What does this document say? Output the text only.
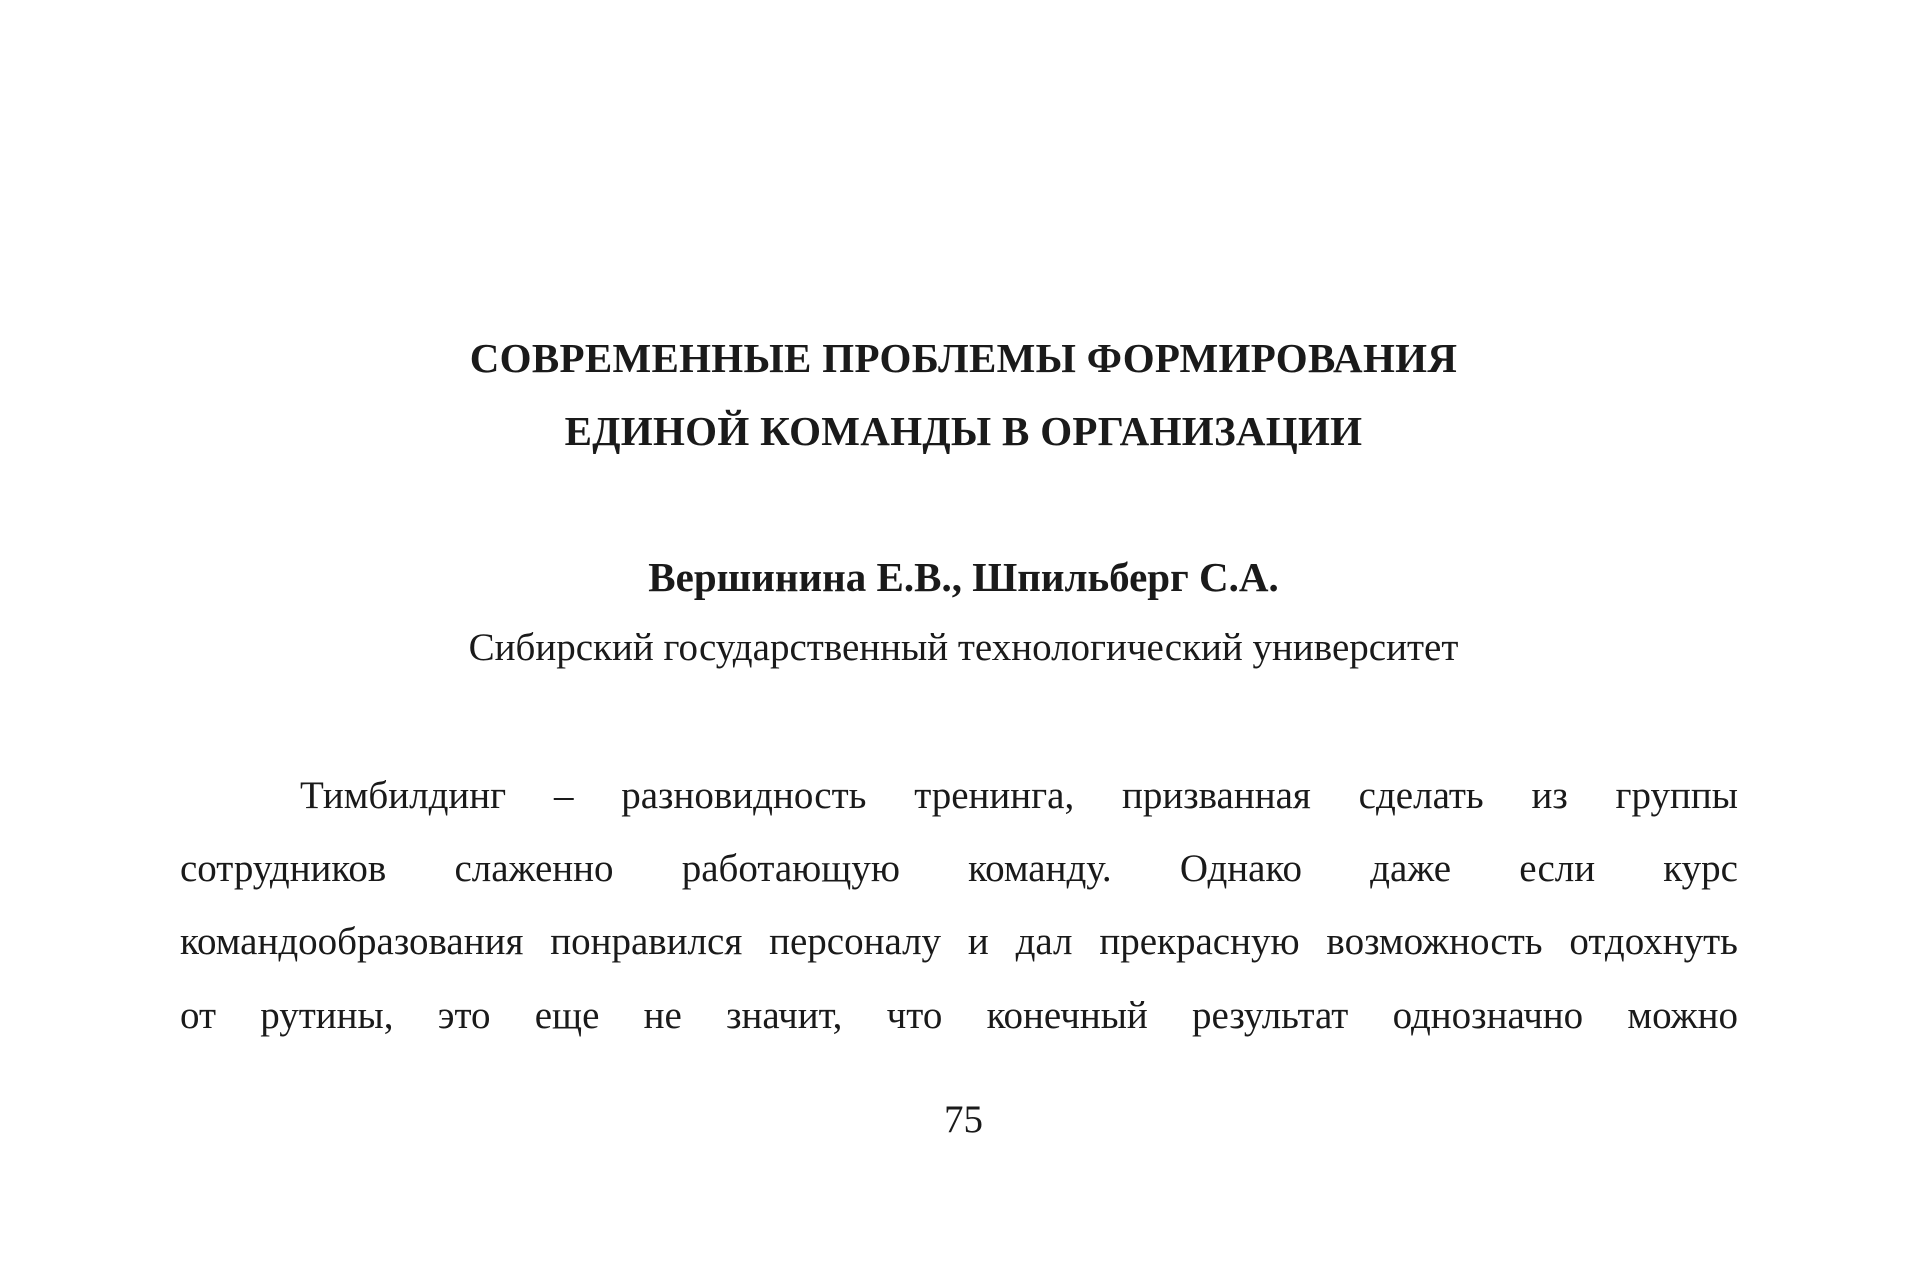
СОВРЕМЕННЫЕ ПРОБЛЕМЫ ФОРМИРОВАНИЯ
ЕДИНОЙ КОМАНДЫ В ОРГАНИЗАЦИИ
Вершинина Е.В., Шпильберг С.А.
Сибирский государственный технологический университет
Тимбилдинг – разновидность тренинга, призванная сделать из группы
сотрудников слаженно работающую команду. Однако даже если курс
командообразования понравился персоналу и дал прекрасную возможность отдохнуть
от рутины, это еще не значит, что конечный результат однозначно можно
75
